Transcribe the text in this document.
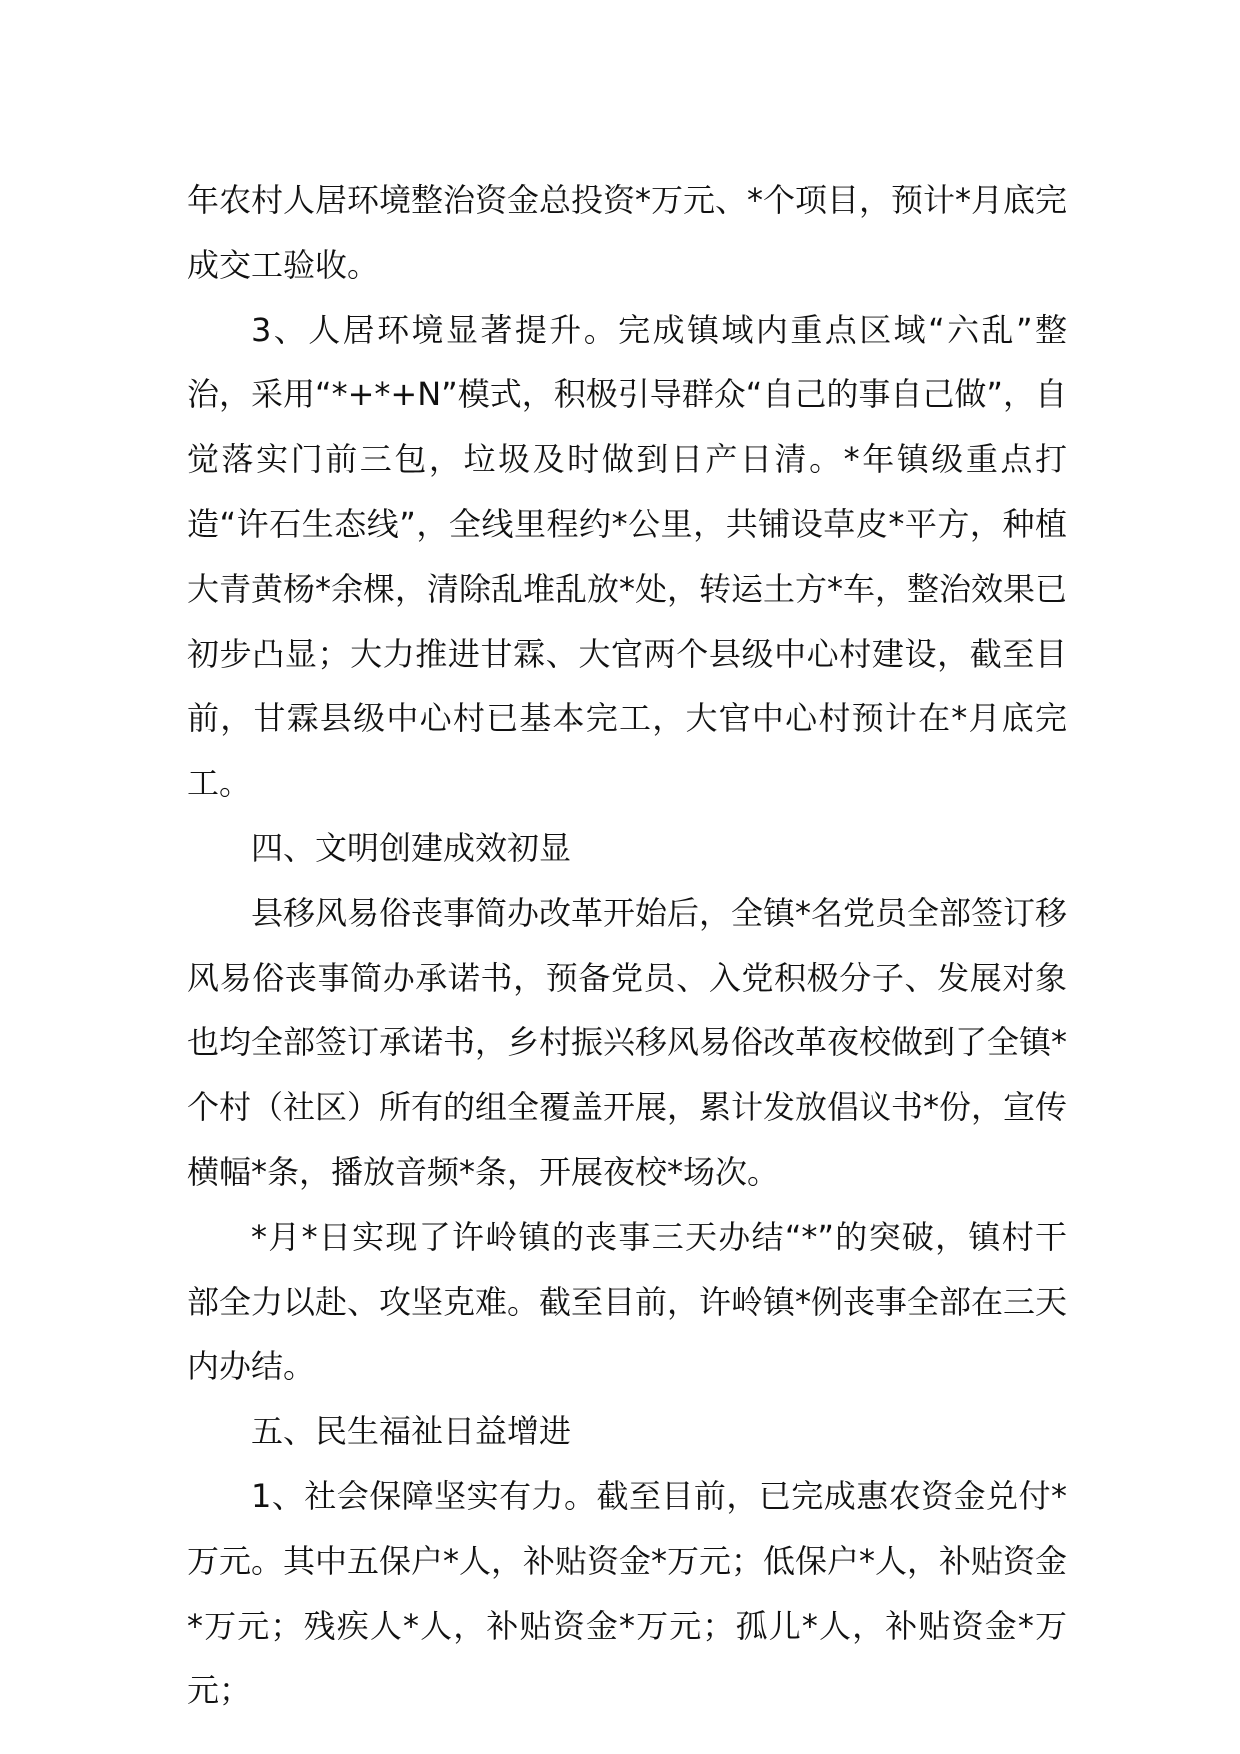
年农村人居环境整治资金总投资*万元、*个项目，预计*月底完成交工验收。

3、人居环境显著提升。完成镇域内重点区域“六乱”整治，采用“*+*+N”模式，积极引导群众“自己的事自己做”，自觉落实门前三包，垃圾及时做到日产日清。*年镇级重点打造“许石生态线”，全线里程约*公里，共铺设草皮*平方，种植大青黄杨*余棵，清除乱堆乱放*处，转运土方*车，整治效果已初步凸显；大力推进甘霖、大官两个县级中心村建设，截至目前，甘霖县级中心村已基本完工，大官中心村预计在*月底完工。

四、文明创建成效初显

县移风易俗丧事简办改革开始后，全镇*名党员全部签订移风易俗丧事简办承诺书，预备党员、入党积极分子、发展对象也均全部签订承诺书，乡村振兴移风易俗改革夜校做到了全镇*个村（社区）所有的组全覆盖开展，累计发放倡议书*份，宣传横幅*条，播放音频*条，开展夜校*场次。

*月*日实现了许岭镇的丧事三天办结“*”的突破，镇村干部全力以赴、攻坚克难。截至目前，许岭镇*例丧事全部在三天内办结。

五、民生福祉日益增进

1、社会保障坚实有力。截至目前，已完成惠农资金兑付*万元。其中五保户*人，补贴资金*万元；低保户*人，补贴资金*万元；残疾人*人，补贴资金*万元；孤儿*人，补贴资金*万元；
